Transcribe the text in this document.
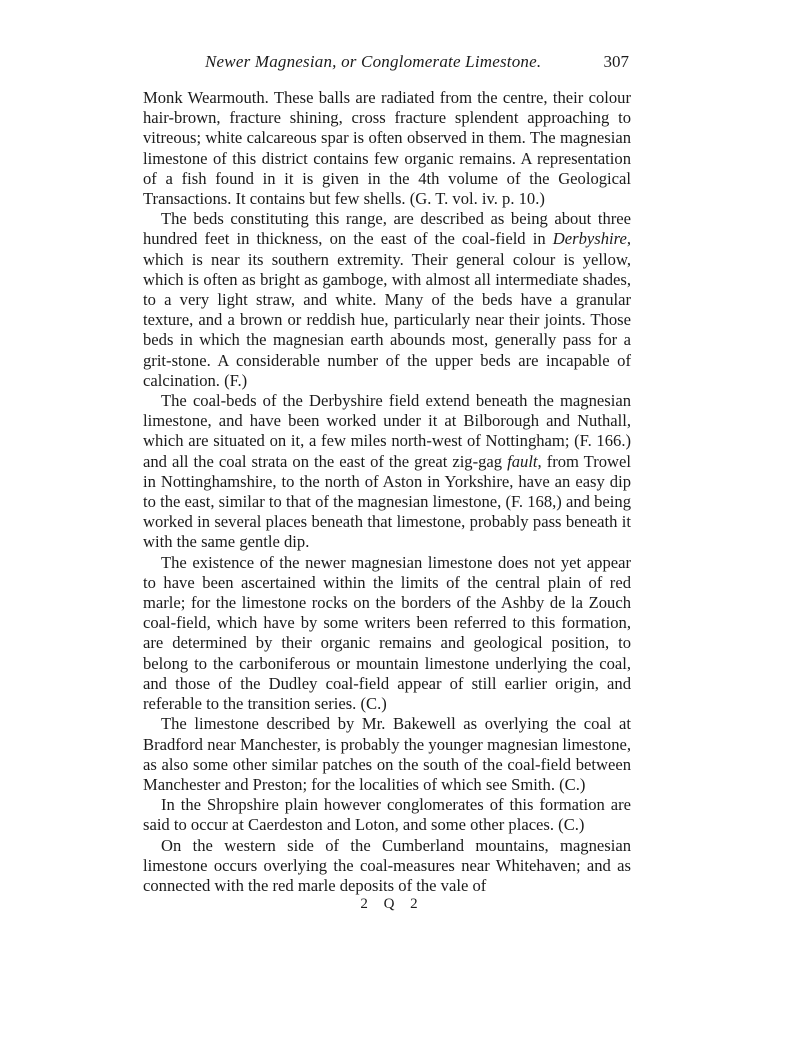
Newer Magnesian, or Conglomerate Limestone.	307

Monk Wearmouth. These balls are radiated from the centre, their colour hair-brown, fracture shining, cross fracture splendent approaching to vitreous; white calcareous spar is often observed in them. The magnesian limestone of this district contains few organic remains. A representation of a fish found in it is given in the 4th volume of the Geological Transactions. It contains but few shells. (G. T. vol. iv. p. 10.)

The beds constituting this range, are described as being about three hundred feet in thickness, on the east of the coal-field in Derbyshire, which is near its southern extremity. Their general colour is yellow, which is often as bright as gamboge, with almost all intermediate shades, to a very light straw, and white. Many of the beds have a granular texture, and a brown or reddish hue, particularly near their joints. Those beds in which the magnesian earth abounds most, generally pass for a grit-stone. A considerable number of the upper beds are incapable of calcination. (F.)

The coal-beds of the Derbyshire field extend beneath the magnesian limestone, and have been worked under it at Bilborough and Nuthall, which are situated on it, a few miles north-west of Nottingham; (F. 166.) and all the coal strata on the east of the great zig-gag fault, from Trowel in Nottinghamshire, to the north of Aston in Yorkshire, have an easy dip to the east, similar to that of the magnesian limestone, (F. 168,) and being worked in several places beneath that limestone, probably pass beneath it with the same gentle dip.

The existence of the newer magnesian limestone does not yet appear to have been ascertained within the limits of the central plain of red marle; for the limestone rocks on the borders of the Ashby de la Zouch coal-field, which have by some writers been referred to this formation, are determined by their organic remains and geological position, to belong to the carboniferous or mountain limestone underlying the coal, and those of the Dudley coal-field appear of still earlier origin, and referable to the transition series. (C.)

The limestone described by Mr. Bakewell as overlying the coal at Bradford near Manchester, is probably the younger magnesian limestone, as also some other similar patches on the south of the coal-field between Manchester and Preston; for the localities of which see Smith. (C.)

In the Shropshire plain however conglomerates of this formation are said to occur at Caerdeston and Loton, and some other places. (C.)

On the western side of the Cumberland mountains, magnesian limestone occurs overlying the coal-measures near Whitehaven; and as connected with the red marle deposits of the vale of

2 Q 2
